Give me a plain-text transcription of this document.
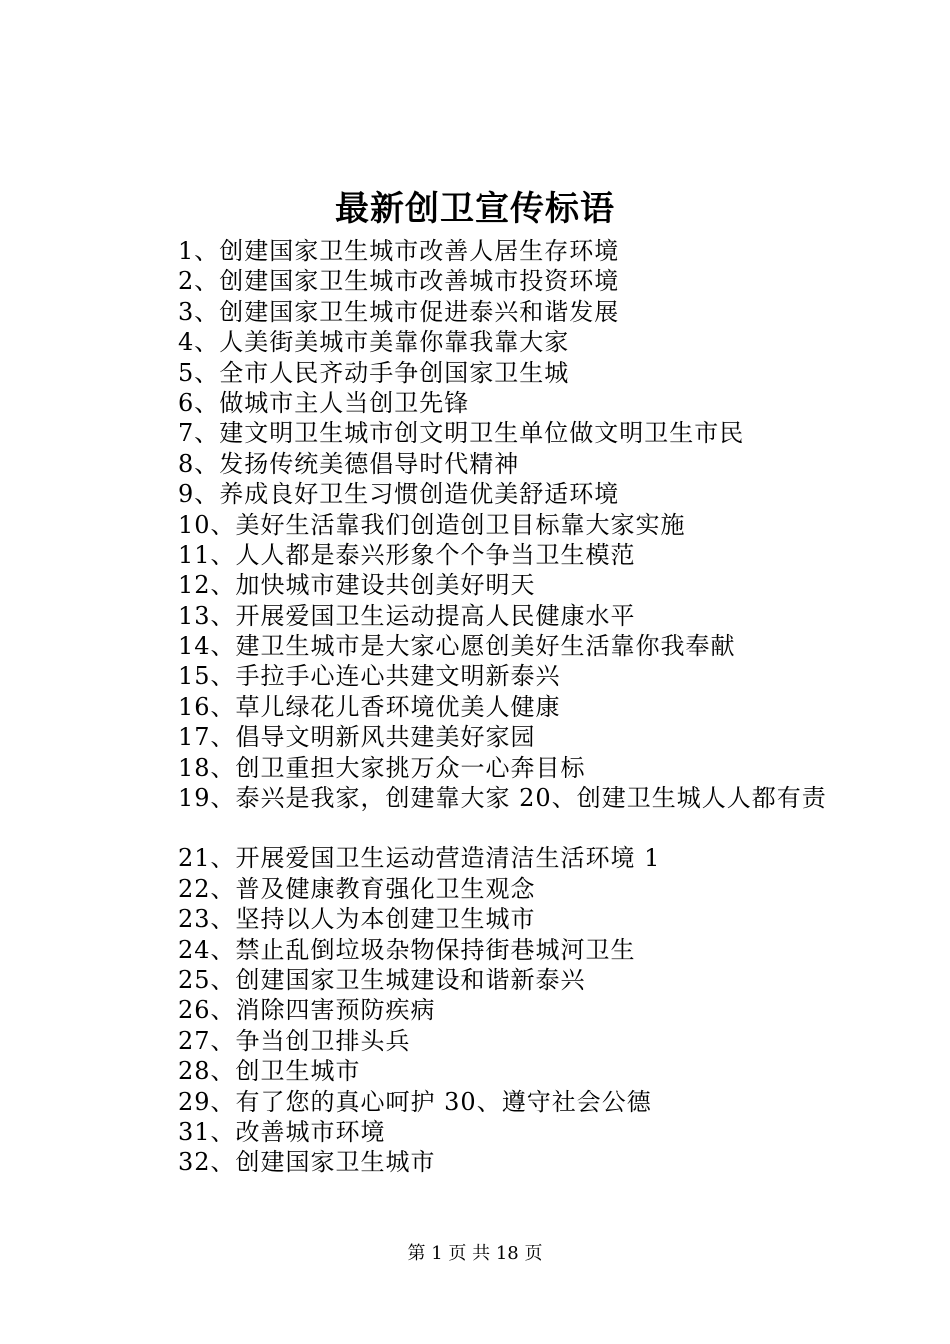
最新创卫宣传标语
1、创建国家卫生城市改善人居生存环境
2、创建国家卫生城市改善城市投资环境
3、创建国家卫生城市促进泰兴和谐发展
4、人美街美城市美靠你靠我靠大家
5、全市人民齐动手争创国家卫生城
6、做城市主人当创卫先锋
7、建文明卫生城市创文明卫生单位做文明卫生市民
8、发扬传统美德倡导时代精神
9、养成良好卫生习惯创造优美舒适环境
10、美好生活靠我们创造创卫目标靠大家实施
11、人人都是泰兴形象个个争当卫生模范
12、加快城市建设共创美好明天
13、开展爱国卫生运动提高人民健康水平
14、建卫生城市是大家心愿创美好生活靠你我奉献
15、手拉手心连心共建文明新泰兴
16、草儿绿花儿香环境优美人健康
17、倡导文明新风共建美好家园
18、创卫重担大家挑万众一心奔目标
19、泰兴是我家，创建靠大家 20、创建卫生城人人都有责
21、开展爱国卫生运动营造清洁生活环境 1
22、普及健康教育强化卫生观念
23、坚持以人为本创建卫生城市
24、禁止乱倒垃圾杂物保持街巷城河卫生
25、创建国家卫生城建设和谐新泰兴
26、消除四害预防疾病
27、争当创卫排头兵
28、创卫生城市
29、有了您的真心呵护 30、遵守社会公德
31、改善城市环境
32、创建国家卫生城市
第 1 页 共 18 页
